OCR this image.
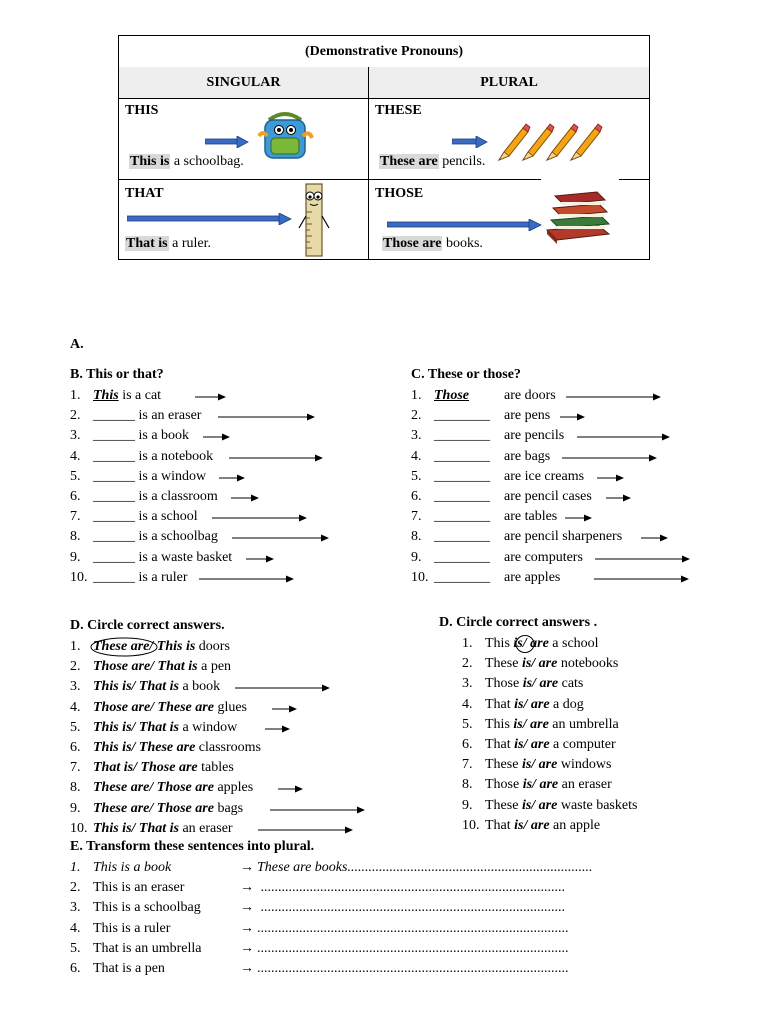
(Demonstrative Pronouns)
SINGULAR	PLURAL
THIS
This is a schoolbag.
THESE
These are pencils.
THAT
That is a ruler.
THOSE
Those are books.
A.
B. This or that?
1. This is a cat
2. ______ is an eraser
3. ______ is a book
4. ______ is a notebook
5. ______ is a window
6. ______ is a classroom
7. ______ is a school
8. ______ is a schoolbag
9. ______ is a waste basket
10. ______ is a ruler
C. These or those?
1. Those	are doors
2. ________ are pens
3. ________ are pencils
4. ________ are bags
5. ________ are ice creams
6. ________ are pencil cases
7. ________ are tables
8. ________ are pencil sharpeners
9. ________ are computers
10. ________ are apples
D. Circle correct answers.
1. These are/ This is doors
2. Those are/ That is a pen
3. This is/ That is a book
4. Those are/ These are glues
5. This is/ That is a window
6. This is/ These are classrooms
7. That is/ Those are tables
8. These are/ Those are apples
9. These are/ Those are bags
10. This is/ That is an eraser
D. Circle correct answers .
1. This is/ are a school
2. These is/ are notebooks
3. Those is/ are cats
4. That is/ are a dog
5. This is/ are an umbrella
6. That is/ are a computer
7. These is/ are windows
8. Those is/ are an eraser
9. These is/ are waste baskets
10. That is/ are an apple
E. Transform these sentences into plural.
1. This is a book	→ These are books......................................................................
2. This is an eraser	→ .......................................................................................
3. This is a schoolbag	→ .......................................................................................
4. This is a ruler	→ .........................................................................................
5. That is an umbrella	→ .........................................................................................
6. That is a pen	→ .........................................................................................
